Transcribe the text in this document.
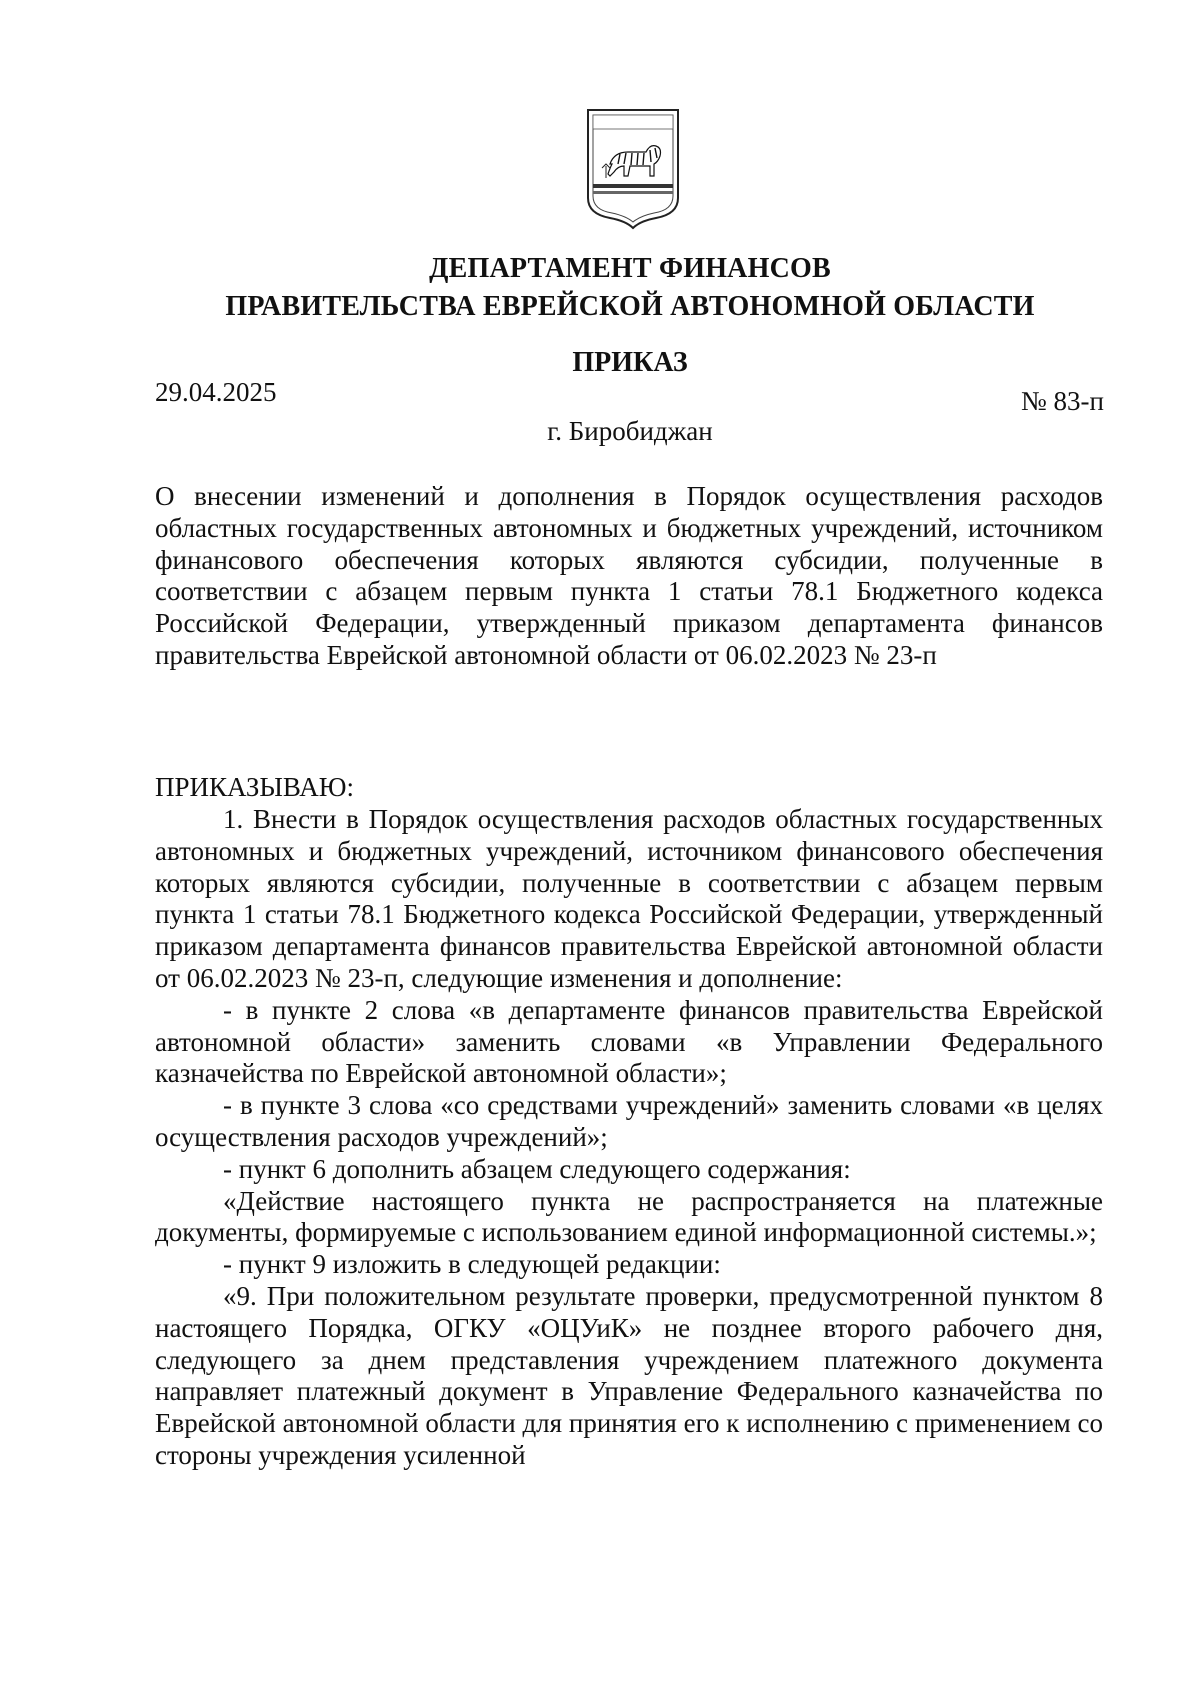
ДЕПАРТАМЕНТ ФИНАНСОВ
ПРАВИТЕЛЬСТВА ЕВРЕЙСКОЙ АВТОНОМНОЙ ОБЛАСТИ
ПРИКАЗ
29.04.2025	№ 83-п
г. Биробиджан
О внесении изменений и дополнения в Порядок осуществления расходов областных государственных автономных и бюджетных учреждений, источником финансового обеспечения которых являются субсидии, полученные в соответствии с абзацем первым пункта 1 статьи 78.1 Бюджетного кодекса Российской Федерации, утвержденный приказом департамента финансов правительства Еврейской автономной области от 06.02.2023 № 23-п
ПРИКАЗЫВАЮ:

1. Внести в Порядок осуществления расходов областных государственных автономных и бюджетных учреждений, источником финансового обеспечения которых являются субсидии, полученные в соответствии с абзацем первым пункта 1 статьи 78.1 Бюджетного кодекса Российской Федерации, утвержденный приказом департамента финансов правительства Еврейской автономной области от 06.02.2023 № 23-п, следующие изменения и дополнение:

- в пункте 2 слова «в департаменте финансов правительства Еврейской автономной области» заменить словами «в Управлении Федерального казначейства по Еврейской автономной области»;

- в пункте 3 слова «со средствами учреждений» заменить словами «в целях осуществления расходов учреждений»;

- пункт 6 дополнить абзацем следующего содержания:

«Действие настоящего пункта не распространяется на платежные документы, формируемые с использованием единой информационной системы.»;

- пункт 9 изложить в следующей редакции:

«9. При положительном результате проверки, предусмотренной пунктом 8 настоящего Порядка, ОГКУ «ОЦУиК» не позднее второго рабочего дня, следующего за днем представления учреждением платежного документа направляет платежный документ в Управление Федерального казначейства по Еврейской автономной области для принятия его к исполнению с применением со стороны учреждения усиленной
